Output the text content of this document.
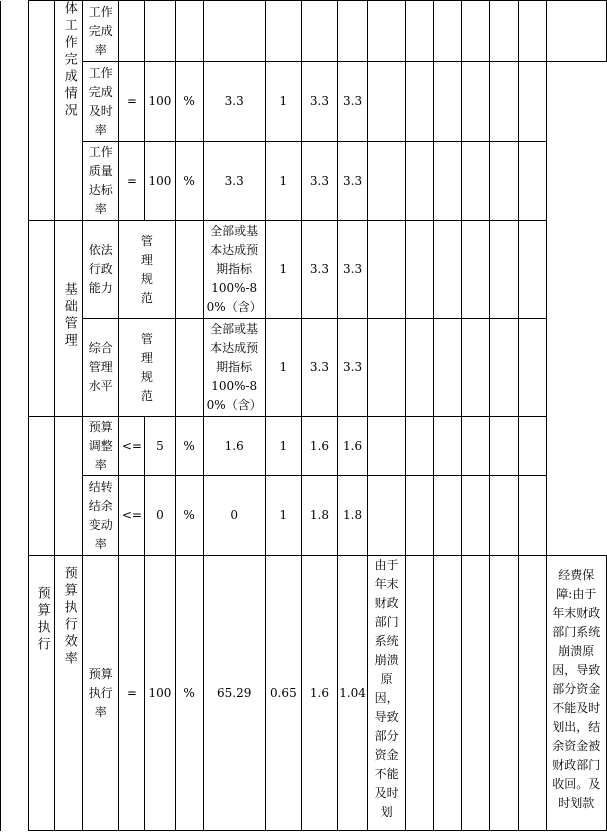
		体工作完成情况	工作完成率														

			工作完成及时率	=	100	%	3.3	1	3.3	3.3							

			工作质量达标率	=	100	%	3.3	1	3.3	3.3							
		基础管理	依法行政能力	管理规范			全部或基本达成预期指标
100%-80%（含）	1	3.3	3.3							

			综合管理水平	管理规范			全部或基本达成预期指标
100%-80%（含）	1	3.3	3.3							

			预算调整率	<=	5	%	1.6	1	1.6	1.6							

			结转结余变动率	<=	0	%	0	1	1.8	1.8							
	预算执行	预算执行效率	预算执行率	=	100	%	65.29	0.65	1.6	1.04	由于年末财政部门系统崩溃原因，导致部分资金不能及时划						经费保障:由于年末财政部门系统崩溃原因，导致部分资金不能及时划出，结余资金被财政部门收回。及时划款
